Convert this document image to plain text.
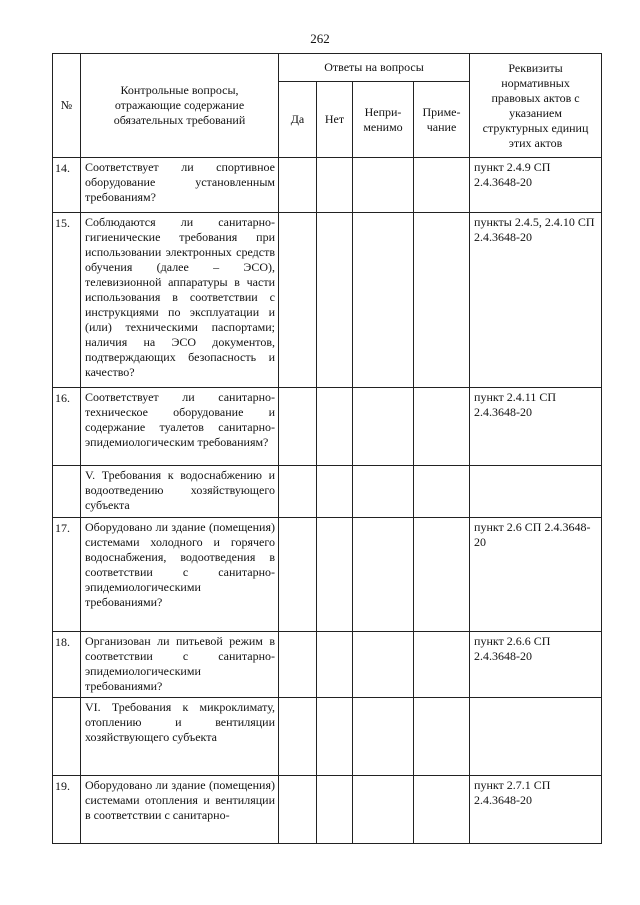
262
№	Контрольные вопросы, отражающие содержание обязательных требований	Ответы на вопросы				Реквизиты нормативных правовых актов с указанием структурных единиц этих актов
		Да	Нет	Непри-менимо	Приме-чание	
14.	Соответствует ли спортивное оборудование установленным требованиям?					пункт 2.4.9 СП 2.4.3648-20
15.	Соблюдаются ли санитарно-гигиенические требования при использовании электронных средств обучения (далее – ЭСО), телевизионной аппаратуры в части использования в соответствии с инструкциями по эксплуатации и (или) техническими паспортами; наличия на ЭСО документов, подтверждающих безопасность и качество?					пункты 2.4.5, 2.4.10 СП 2.4.3648-20
16.	Соответствует ли санитарно-техническое оборудование и содержание туалетов санитарно-эпидемиологическим требованиям?					пункт 2.4.11 СП 2.4.3648-20
	V. Требования к водоснабжению и водоотведению хозяйствующего субъекта					
17.	Оборудовано ли здание (помещения) системами холодного и горячего водоснабжения, водоотведения в соответствии с санитарно-эпидемиологическими требованиями?					пункт 2.6 СП 2.4.3648-20
18.	Организован ли питьевой режим в соответствии с санитарно-эпидемиологическими требованиями?					пункт 2.6.6 СП 2.4.3648-20
	VI. Требования к микроклимату, отоплению и вентиляции хозяйствующего субъекта					
19.	Оборудовано ли здание (помещения) системами отопления и вентиляции в соответствии с санитарно-					пункт 2.7.1 СП 2.4.3648-20
